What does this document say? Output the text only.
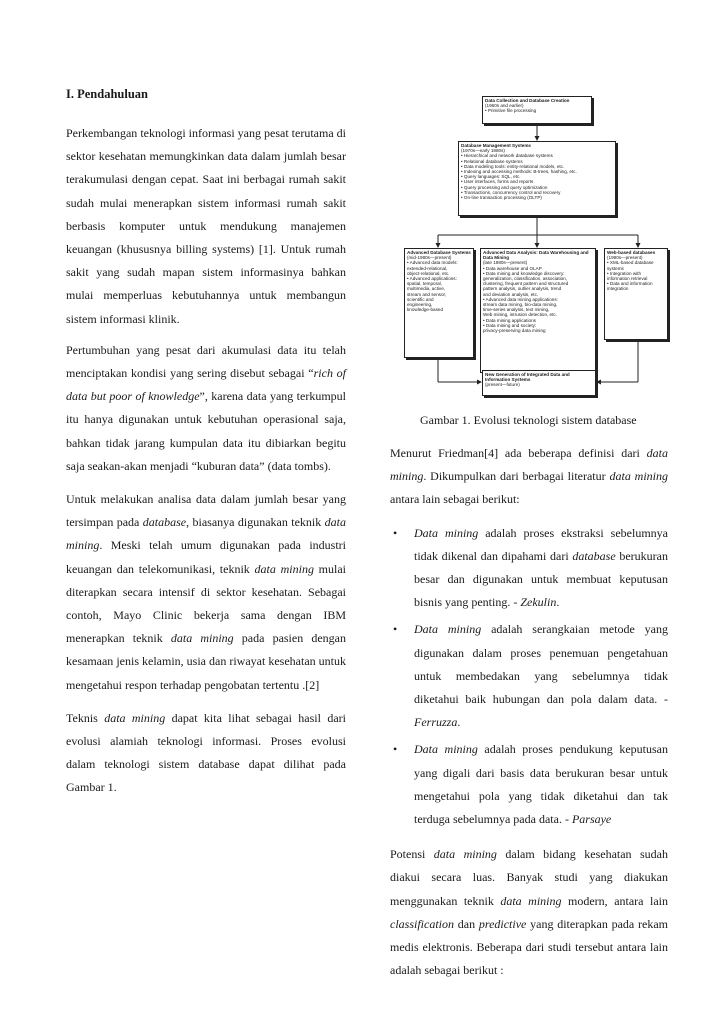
I. Pendahuluan

Perkembangan teknologi informasi yang pesat terutama di sektor kesehatan memungkinkan data dalam jumlah besar terakumulasi dengan cepat. Saat ini berbagai rumah sakit sudah mulai menerapkan sistem informasi rumah sakit berbasis komputer untuk mendukung manajemen keuangan (khususnya billing systems) [1]. Untuk rumah sakit yang sudah mapan sistem informasinya bahkan mulai memperluas kebutuhannya untuk membangun sistem informasi klinik.

Pertumbuhan yang pesat dari akumulasi data itu telah menciptakan kondisi yang sering disebut sebagai “rich of data but poor of knowledge”, karena data yang terkumpul itu hanya digunakan untuk kebutuhan operasional saja, bahkan tidak jarang kumpulan data itu dibiarkan begitu saja seakan-akan menjadi “kuburan data” (data tombs).

Untuk melakukan analisa data dalam jumlah besar yang tersimpan pada database, biasanya digunakan teknik data mining. Meski telah umum digunakan pada industri keuangan dan telekomunikasi, teknik data mining mulai diterapkan secara intensif di sektor kesehatan. Sebagai contoh, Mayo Clinic bekerja sama dengan IBM menerapkan teknik data mining pada pasien dengan kesamaan jenis kelamin, usia dan riwayat kesehatan untuk mengetahui respon terhadap pengobatan tertentu .[2]

Teknis data mining dapat kita lihat sebagai hasil dari evolusi alamiah teknologi informasi. Proses evolusi dalam teknologi sistem database dapat dilihat pada Gambar 1.

Data Collection and Database Creation
(1960s and earlier)
• Primitive file processing
Database Management Systems
(1970s—early 1980s)
• Hierarchical and network database systems
• Relational database systems
• Data modeling tools: entity-relational models, etc.
• Indexing and accessing methods: B-trees, hashing, etc.
• Query languages: SQL, etc.
• User interfaces, forms and reports
• Query processing and query optimization
• Transactions, concurrency control and recovery
• On-line transaction processing (OLTP)
Advanced Database Systems
(mid-1980s—present)
• Advanced data models:
extended-relational,
object-relational, etc.
• Advanced applications:
spatial, temporal,
multimedia, active,
stream and sensor,
scientific and
engineering,
knowledge-based
Advanced Data Analysis: Data Warehousing and Data Mining
(late 1980s—present)
• Data warehouse and OLAP
• Data mining and knowledge discovery:
generalization, classification, association,
clustering, frequent pattern and structured
pattern analysis, outlier analysis, trend
and deviation analysis, etc.
• Advanced data mining applications:
stream data mining, bio-data mining,
time-series analysis, text mining,
Web mining, intrusion detection, etc.
• Data mining applications
• Data mining and society:
privacy-preserving data mining
Web-based databases
(1990s—present)
• XML-based database
systems
• Integration with
information retrieval
• Data and information
integration
New Generation of Integrated Data and Information Systems
(present—future)
Gambar 1. Evolusi teknologi sistem database

Menurut Friedman[4] ada beberapa definisi dari data mining. Dikumpulkan dari berbagai literatur data mining antara lain sebagai berikut:

• Data mining adalah proses ekstraksi sebelumnya tidak dikenal dan dipahami dari database berukuran besar dan digunakan untuk membuat keputusan bisnis yang penting. - Zekulin.
• Data mining adalah serangkaian metode yang digunakan dalam proses penemuan pengetahuan untuk membedakan yang sebelumnya tidak diketahui baik hubungan dan pola dalam data. - Ferruzza.
• Data mining adalah proses pendukung keputusan yang digali dari basis data berukuran besar untuk mengetahui pola yang tidak diketahui dan tak terduga sebelumnya pada data. - Parsaye

Potensi data mining dalam bidang kesehatan sudah diakui secara luas. Banyak studi yang diakukan menggunakan teknik data mining modern, antara lain classification dan predictive yang diterapkan pada rekam medis elektronis. Beberapa dari studi tersebut antara lain adalah sebagai berikut :
